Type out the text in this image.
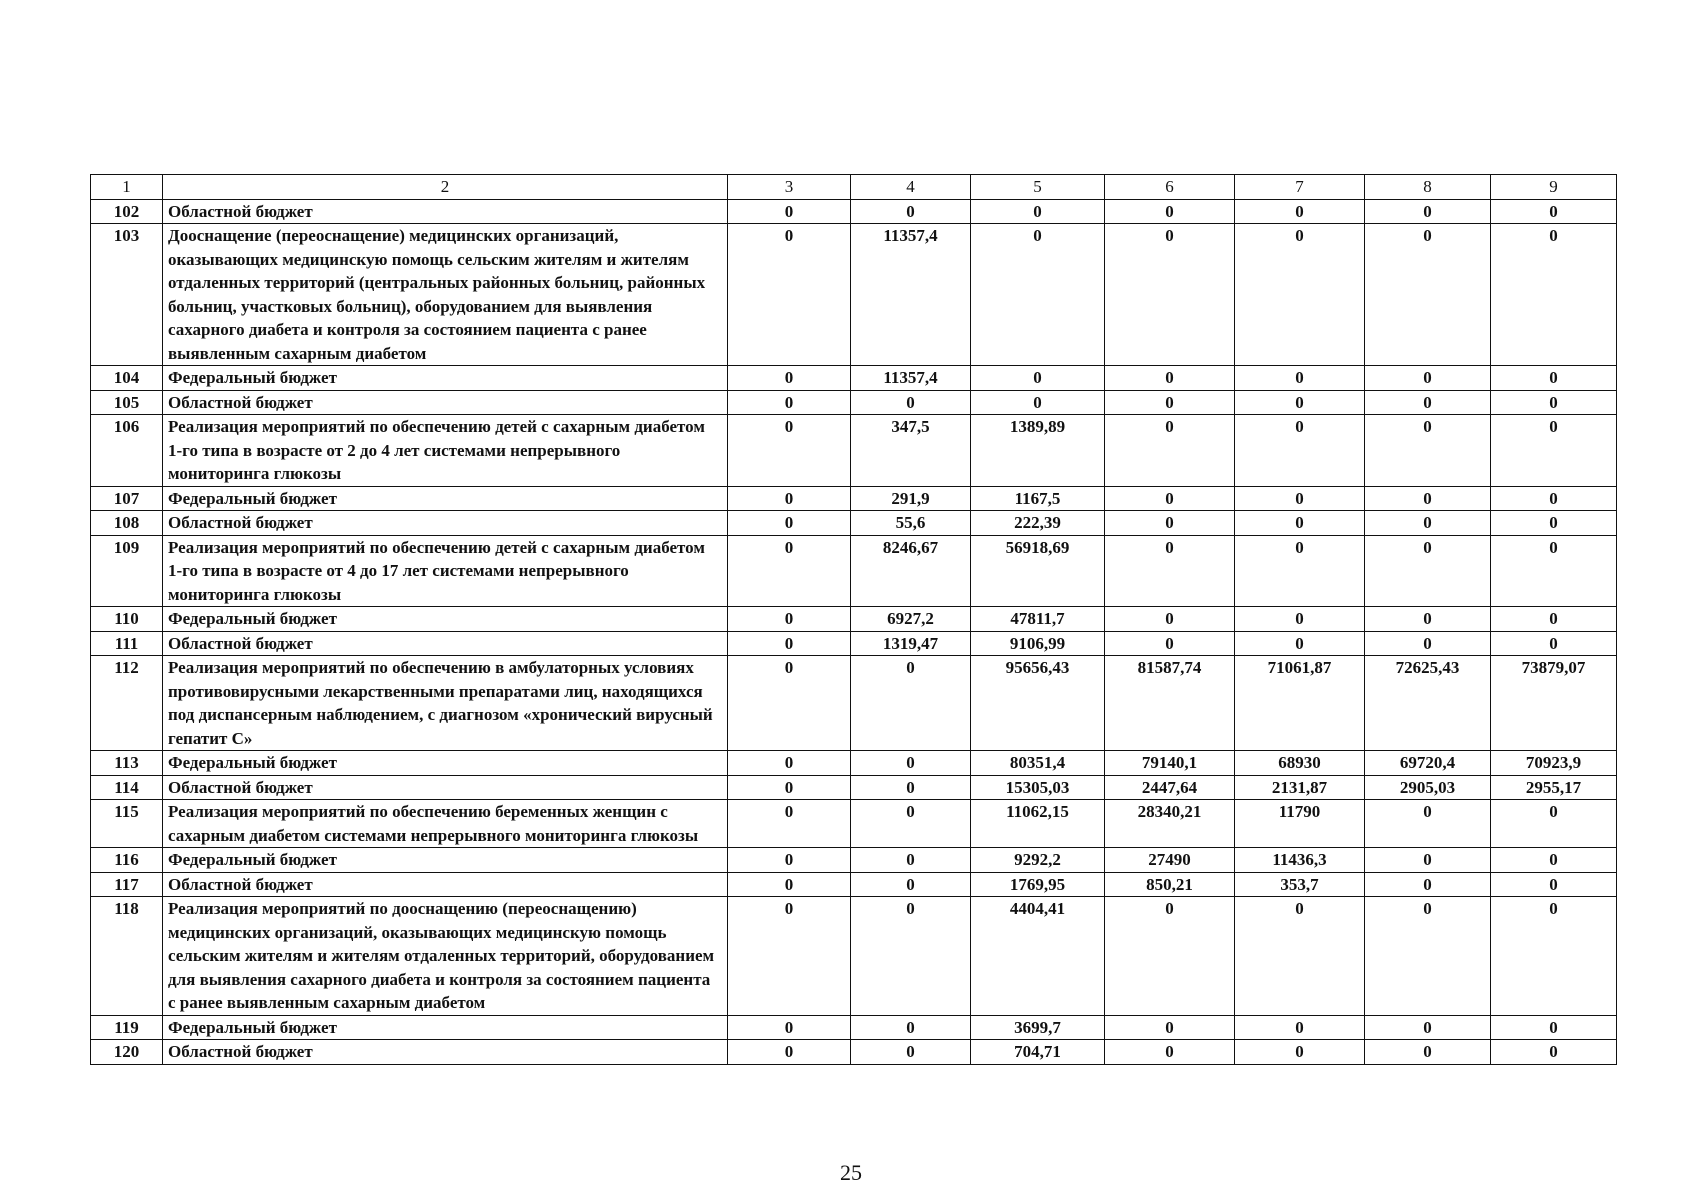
1	2	3	4	5	6	7	8	9
102	Областной бюджет	0	0	0	0	0	0	0
103	Дооснащение (переоснащение) медицинских организаций, оказывающих медицинскую помощь сельским жителям и жителям отдаленных территорий (центральных районных больниц, районных больниц, участковых больниц), оборудованием для выявления сахарного диабета и контроля за состоянием пациента с ранее выявленным сахарным диабетом	0	11357,4	0	0	0	0	0
104	Федеральный бюджет	0	11357,4	0	0	0	0	0
105	Областной бюджет	0	0	0	0	0	0	0
106	Реализация мероприятий по обеспечению детей с сахарным диабетом 1-го типа в возрасте от 2 до 4 лет системами непрерывного мониторинга глюкозы	0	347,5	1389,89	0	0	0	0
107	Федеральный бюджет	0	291,9	1167,5	0	0	0	0
108	Областной бюджет	0	55,6	222,39	0	0	0	0
109	Реализация мероприятий по обеспечению детей с сахарным диабетом 1-го типа в возрасте от 4 до 17 лет системами непрерывного мониторинга глюкозы	0	8246,67	56918,69	0	0	0	0
110	Федеральный бюджет	0	6927,2	47811,7	0	0	0	0
111	Областной бюджет	0	1319,47	9106,99	0	0	0	0
112	Реализация мероприятий по обеспечению в амбулаторных условиях противовирусными лекарственными препаратами лиц, находящихся под диспансерным наблюдением, с диагнозом «хронический вирусный гепатит С»	0	0	95656,43	81587,74	71061,87	72625,43	73879,07
113	Федеральный бюджет	0	0	80351,4	79140,1	68930	69720,4	70923,9
114	Областной бюджет	0	0	15305,03	2447,64	2131,87	2905,03	2955,17
115	Реализация мероприятий по обеспечению беременных женщин с сахарным диабетом системами непрерывного мониторинга глюкозы	0	0	11062,15	28340,21	11790	0	0
116	Федеральный бюджет	0	0	9292,2	27490	11436,3	0	0
117	Областной бюджет	0	0	1769,95	850,21	353,7	0	0
118	Реализация мероприятий по дооснащению (переоснащению) медицинских организаций, оказывающих медицинскую помощь сельским жителям и жителям отдаленных территорий, оборудованием для выявления сахарного диабета и контроля за состоянием пациента с ранее выявленным сахарным диабетом	0	0	4404,41	0	0	0	0
119	Федеральный бюджет	0	0	3699,7	0	0	0	0
120	Областной бюджет	0	0	704,71	0	0	0	0
25
